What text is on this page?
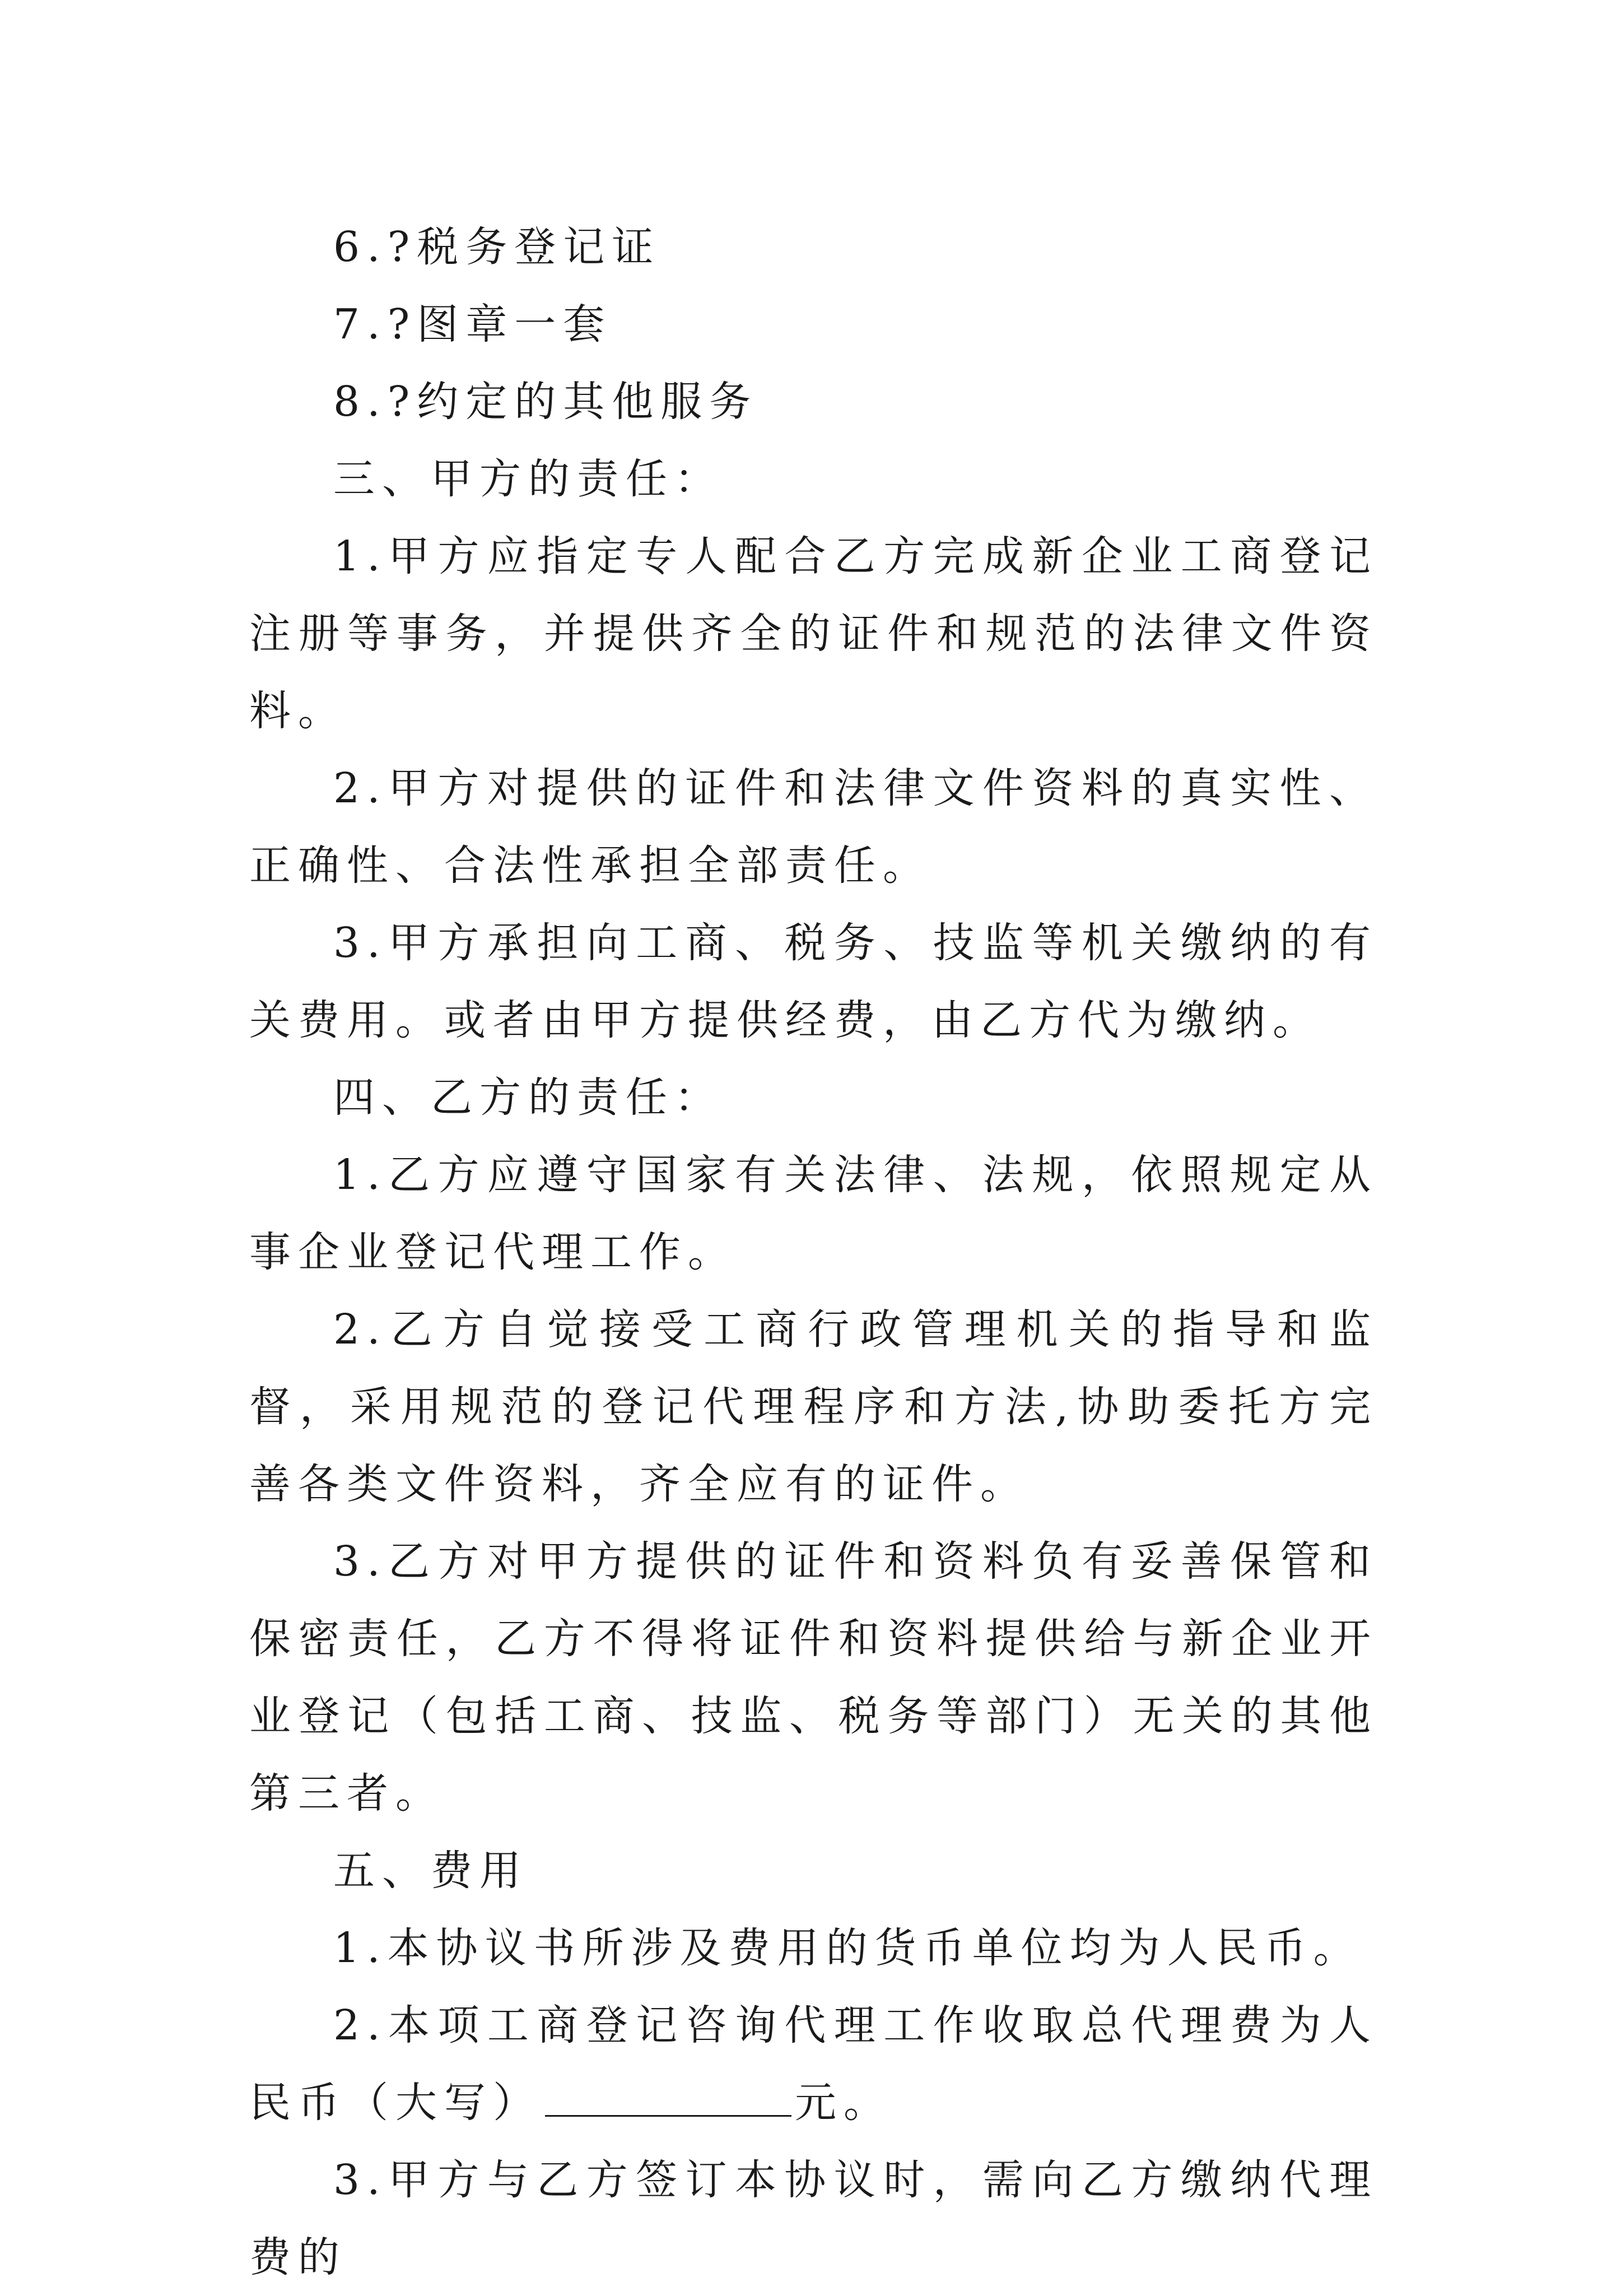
6.?税务登记证

7.?图章一套

8.?约定的其他服务

三、甲方的责任：

1.甲方应指定专人配合乙方完成新企业工商登记注册等事务，并提供齐全的证件和规范的法律文件资料。

2.甲方对提供的证件和法律文件资料的真实性、正确性、合法性承担全部责任。

3.甲方承担向工商、税务、技监等机关缴纳的有关费用。或者由甲方提供经费，由乙方代为缴纳。

四、乙方的责任：

1.乙方应遵守国家有关法律、法规，依照规定从事企业登记代理工作。

2.乙方自觉接受工商行政管理机关的指导和监督，采用规范的登记代理程序和方法,协助委托方完善各类文件资料，齐全应有的证件。

3.乙方对甲方提供的证件和资料负有妥善保管和保密责任，乙方不得将证件和资料提供给与新企业开业登记（包括工商、技监、税务等部门）无关的其他第三者。

五、费用

1.本协议书所涉及费用的货币单位均为人民币。

2.本项工商登记咨询代理工作收取总代理费为人民币（大写）	元。

3.甲方与乙方签订本协议时，需向乙方缴纳代理费的
